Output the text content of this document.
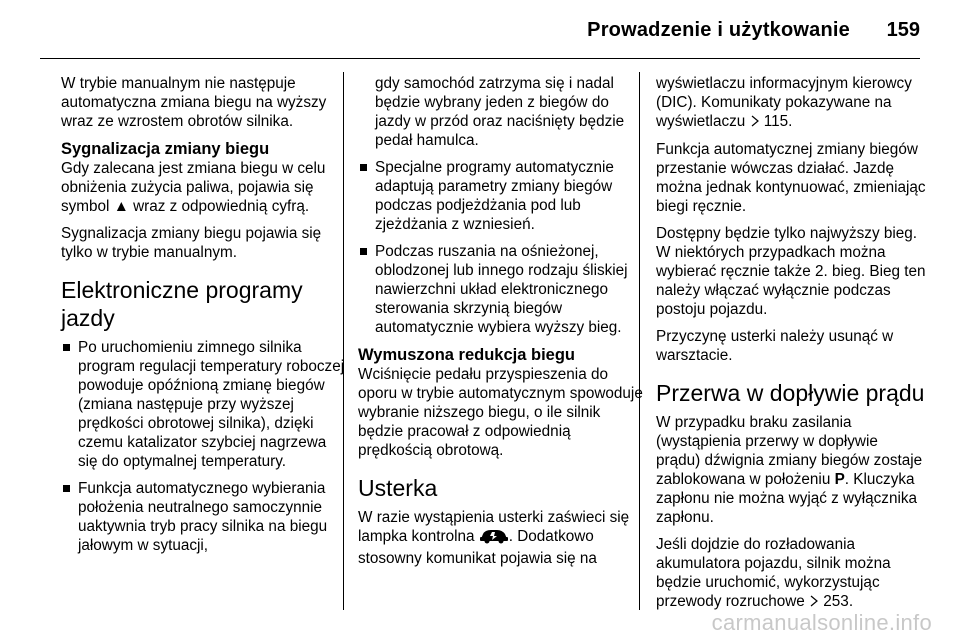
Prowadzenie i użytkowanie 159

W trybie manualnym nie następuje automatyczna zmiana biegu na wyższy wraz ze wzrostem obrotów silnika.

Sygnalizacja zmiany biegu

Gdy zalecana jest zmiana biegu w celu obniżenia zużycia paliwa, pojawia się symbol ▲ wraz z odpowiednią cyfrą.

Sygnalizacja zmiany biegu pojawia się tylko w trybie manualnym.

Elektroniczne programy jazdy
Po uruchomieniu zimnego silnika program regulacji temperatury roboczej powoduje opóźnioną zmianę biegów (zmiana następuje przy wyższej prędkości obrotowej silnika), dzięki czemu katalizator szybciej nagrzewa się do optymalnej temperatury.
Funkcja automatycznego wybierania położenia neutralnego samoczynnie uaktywnia tryb pracy silnika na biegu jałowym w sytuacji,

gdy samochód zatrzyma się i nadal będzie wybrany jeden z biegów do jazdy w przód oraz naciśnięty będzie pedał hamulca.

Specjalne programy automatycznie adaptują parametry zmiany biegów podczas podjeżdżania pod lub zjeżdżania z wzniesień.
Podczas ruszania na ośnieżonej, oblodzonej lub innego rodzaju śliskiej nawierzchni układ elektronicznego sterowania skrzynią biegów automatycznie wybiera wyższy bieg.
Wymuszona redukcja biegu

Wciśnięcie pedału przyspieszenia do oporu w trybie automatycznym spowoduje wybranie niższego biegu, o ile silnik będzie pracował z odpowiednią prędkością obrotową.

Usterka

W razie wystąpienia usterki zaświeci się lampka kontrolna . Dodatkowo stosowny komunikat pojawia się na

wyświetlaczu informacyjnym kierowcy (DIC). Komunikaty pokazywane na wyświetlaczu  115.

Funkcja automatycznej zmiany biegów przestanie wówczas działać. Jazdę można jednak kontynuować, zmieniając biegi ręcznie.

Dostępny będzie tylko najwyższy bieg. W niektórych przypadkach można wybierać ręcznie także 2. bieg. Bieg ten należy włączać wyłącznie podczas postoju pojazdu.

Przyczynę usterki należy usunąć w warsztacie.

Przerwa w dopływie prądu

W przypadku braku zasilania (wystąpienia przerwy w dopływie prądu) dźwignia zmiany biegów zostaje zablokowana w położeniu P. Kluczyka zapłonu nie można wyjąć z wyłącznika zapłonu.

Jeśli dojdzie do rozładowania akumulatora pojazdu, silnik można będzie uruchomić, wykorzystując przewody rozruchowe  253.

carmanualsonline.info
